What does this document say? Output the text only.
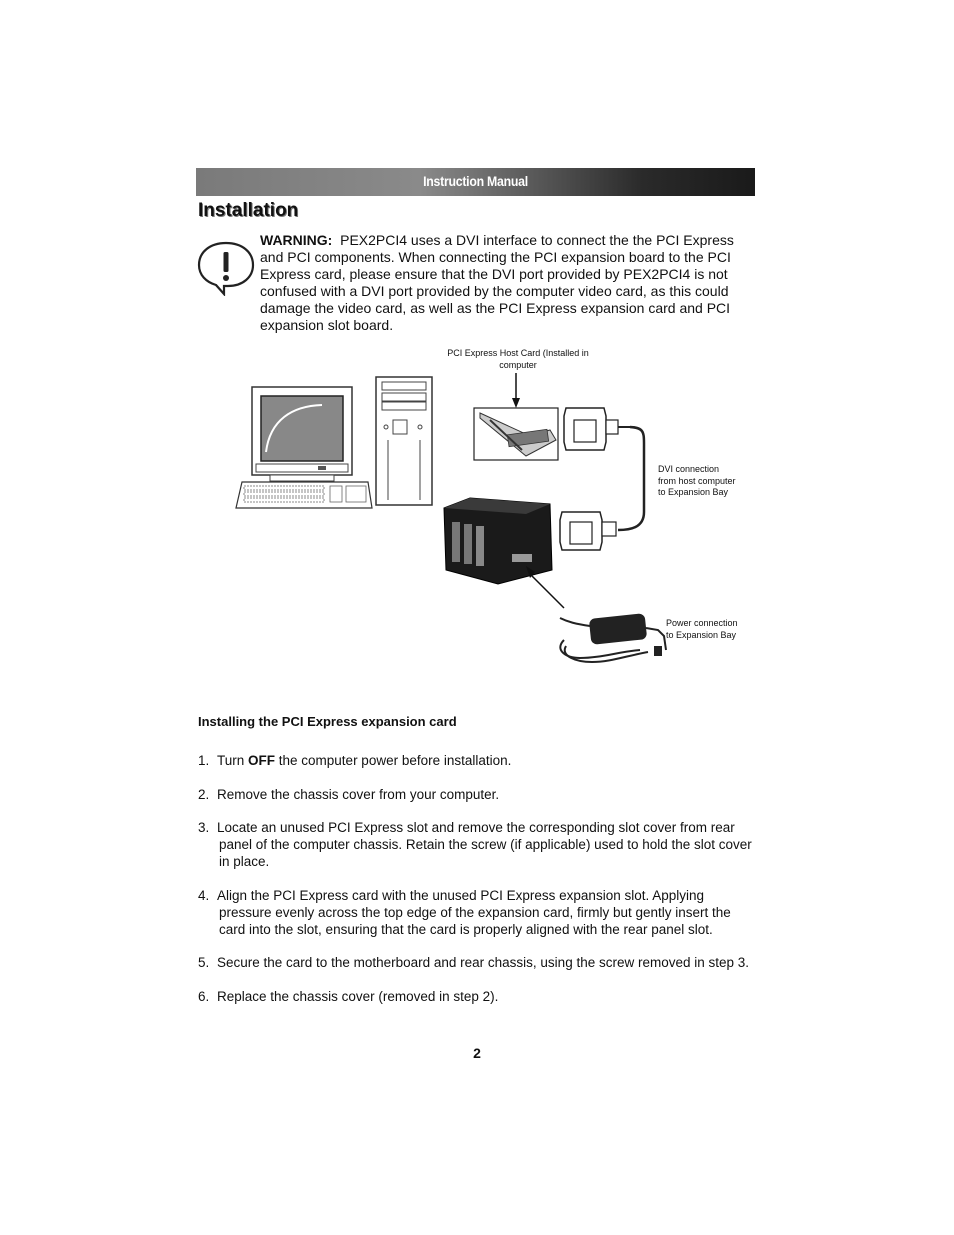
Instruction Manual
Installation

WARNING: PEX2PCI4 uses a DVI interface to connect the the PCI Express and PCI components. When connecting the PCI expansion board to the PCI Express card, please ensure that the DVI port provided by PEX2PCI4 is not confused with a DVI port provided by the computer video card, as this could damage the video card, as well as the PCI Express expansion card and PCI expansion slot board.

PCI Express Host Card (Installed in
computer
DVI connection
from host computer
to Expansion Bay
Power connection
to Expansion Bay
Installing the PCI Express expansion card
1. Turn OFF the computer power before installation.
2. Remove the chassis cover from your computer.
3. Locate an unused PCI Express slot and remove the corresponding slot cover from rear panel of the computer chassis. Retain the screw (if applicable) used to hold the slot cover in place.
4. Align the PCI Express card with the unused PCI Express expansion slot. Applying pressure evenly across the top edge of the expansion card, firmly but gently insert the card into the slot, ensuring that the card is properly aligned with the rear panel slot.
5. Secure the card to the motherboard and rear chassis, using the screw removed in step 3.
6. Replace the chassis cover (removed in step 2).
2
